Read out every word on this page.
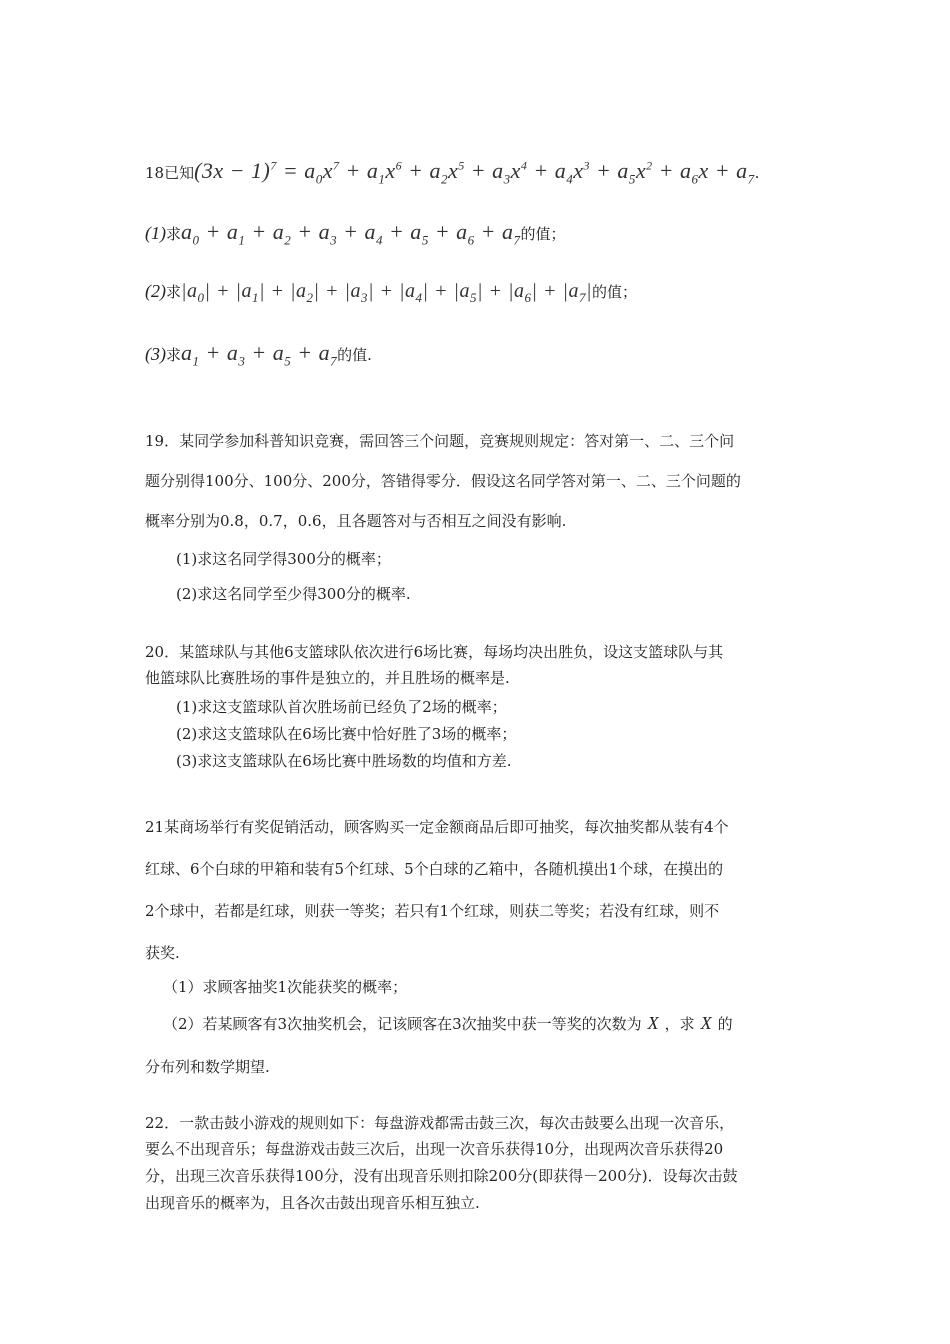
18已知$(3x - 1)^7 = a_0x^7 + a_1x^6 + a_2x^5 + a_3x^4 + a_4x^3 + a_5x^2 + a_6x + a_7$.
(1)求$a_0 + a_1 + a_2 + a_3 + a_4 + a_5 + a_6 + a_7$的值；
(2)求$|a_0| + |a_1| + |a_2| + |a_3| + |a_4| + |a_5| + |a_6| + |a_7|$的值；
(3)求$a_1 + a_3 + a_5 + a_7$的值.
19．某同学参加科普知识竞赛，需回答三个问题，竞赛规则规定：答对第一、二、三个问
题分别得100分、100分、200分，答错得零分．假设这名同学答对第一、二、三个问题的
概率分别为0.8，0.7，0.6，且各题答对与否相互之间没有影响.
(1)求这名同学得300分的概率；
(2)求这名同学至少得300分的概率.
20．某篮球队与其他6支篮球队依次进行6场比赛，每场均决出胜负，设这支篮球队与其
他篮球队比赛胜场的事件是独立的，并且胜场的概率是.
(1)求这支篮球队首次胜场前已经负了2场的概率；
(2)求这支篮球队在6场比赛中恰好胜了3场的概率；
(3)求这支篮球队在6场比赛中胜场数的均值和方差.
21某商场举行有奖促销活动，顾客购买一定金额商品后即可抽奖，每次抽奖都从装有4个
红球、6个白球的甲箱和装有5个红球、5个白球的乙箱中，各随机摸出1个球，在摸出的
2个球中，若都是红球，则获一等奖；若只有1个红球，则获二等奖；若没有红球，则不
获奖.
（1）求顾客抽奖1次能获奖的概率；
（2）若某顾客有3次抽奖机会，记该顾客在3次抽奖中获一等奖的次数为 X ，求 X 的
分布列和数学期望.
22．一款击鼓小游戏的规则如下：每盘游戏都需击鼓三次，每次击鼓要么出现一次音乐，
要么不出现音乐；每盘游戏击鼓三次后，出现一次音乐获得10分，出现两次音乐获得20
分，出现三次音乐获得100分，没有出现音乐则扣除200分(即获得－200分)．设每次击鼓
出现音乐的概率为，且各次击鼓出现音乐相互独立.
